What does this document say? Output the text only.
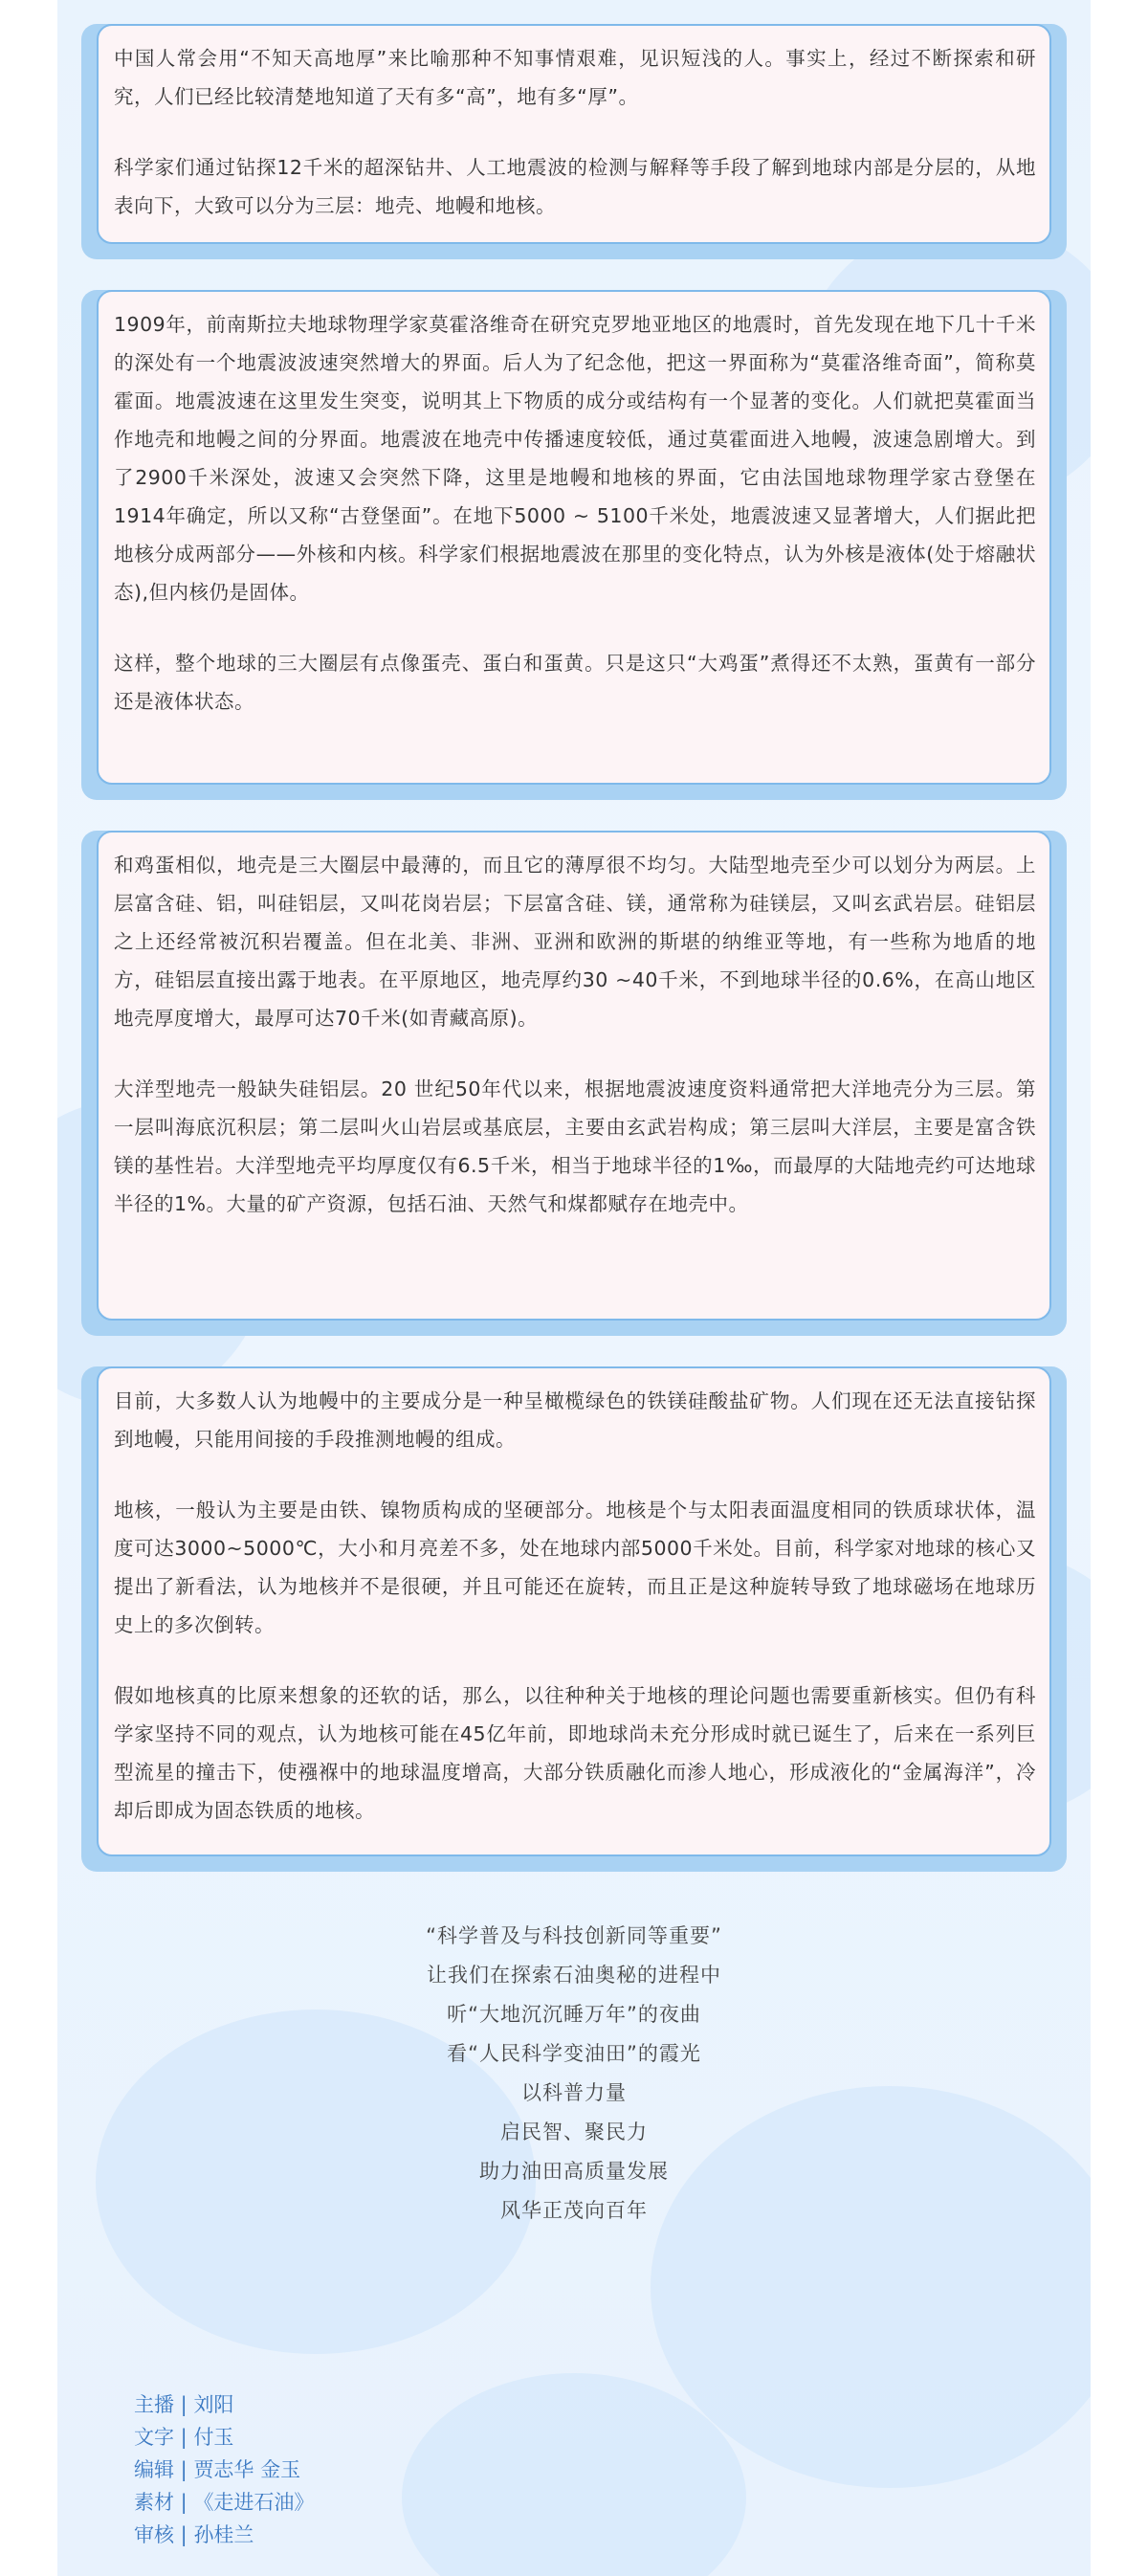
中国人常会用“不知天高地厚”来比喻那种不知事情艰难，见识短浅的人。事实上，经过不断探索和研究，人们已经比较清楚地知道了天有多“高”，地有多“厚”。

科学家们通过钻探12千米的超深钻井、人工地震波的检测与解释等手段了解到地球内部是分层的，从地表向下，大致可以分为三层：地壳、地幔和地核。

1909年，前南斯拉夫地球物理学家莫霍洛维奇在研究克罗地亚地区的地震时，首先发现在地下几十千米的深处有一个地震波波速突然增大的界面。后人为了纪念他，把这一界面称为“莫霍洛维奇面”，简称莫霍面。地震波速在这里发生突变，说明其上下物质的成分或结构有一个显著的变化。人们就把莫霍面当作地壳和地幔之间的分界面。地震波在地壳中传播速度较低，通过莫霍面进入地幔，波速急剧增大。到了2900千米深处，波速又会突然下降，这里是地幔和地核的界面，它由法国地球物理学家古登堡在1914年确定，所以又称“古登堡面”。在地下5000 ~ 5100千米处，地震波速又显著增大，人们据此把地核分成两部分——外核和内核。科学家们根据地震波在那里的变化特点，认为外核是液体(处于熔融状态),但内核仍是固体。

这样，整个地球的三大圈层有点像蛋壳、蛋白和蛋黄。只是这只“大鸡蛋”煮得还不太熟，蛋黄有一部分还是液体状态。

和鸡蛋相似，地壳是三大圈层中最薄的，而且它的薄厚很不均匀。大陆型地壳至少可以划分为两层。上层富含硅、铝，叫硅铝层，又叫花岗岩层；下层富含硅、镁，通常称为硅镁层，又叫玄武岩层。硅铝层之上还经常被沉积岩覆盖。但在北美、非洲、亚洲和欧洲的斯堪的纳维亚等地，有一些称为地盾的地方，硅铝层直接出露于地表。在平原地区，地壳厚约30 ~40千米，不到地球半径的0.6%，在高山地区地壳厚度增大，最厚可达70千米(如青藏高原)。

大洋型地壳一般缺失硅铝层。20 世纪50年代以来，根据地震波速度资料通常把大洋地壳分为三层。第一层叫海底沉积层；第二层叫火山岩层或基底层，主要由玄武岩构成；第三层叫大洋层，主要是富含铁镁的基性岩。大洋型地壳平均厚度仅有6.5千米，相当于地球半径的1‰，而最厚的大陆地壳约可达地球半径的1%。大量的矿产资源，包括石油、天然气和煤都赋存在地壳中。

目前，大多数人认为地幔中的主要成分是一种呈橄榄绿色的铁镁硅酸盐矿物。人们现在还无法直接钻探到地幔，只能用间接的手段推测地幔的组成。

地核，一般认为主要是由铁、镍物质构成的坚硬部分。地核是个与太阳表面温度相同的铁质球状体，温度可达3000~5000℃，大小和月亮差不多，处在地球内部5000千米处。目前，科学家对地球的核心又提出了新看法，认为地核并不是很硬，并且可能还在旋转，而且正是这种旋转导致了地球磁场在地球历史上的多次倒转。

假如地核真的比原来想象的还软的话，那么，以往种种关于地核的理论问题也需要重新核实。但仍有科学家坚持不同的观点，认为地核可能在45亿年前，即地球尚未充分形成时就已诞生了，后来在一系列巨型流星的撞击下，使襁褓中的地球温度增高，大部分铁质融化而渗人地心，形成液化的“金属海洋”，冷却后即成为固态铁质的地核。

“科学普及与科技创新同等重要”
让我们在探索石油奥秘的进程中
听“大地沉沉睡万年”的夜曲
看“人民科学变油田”的霞光
以科普力量
启民智、聚民力
助力油田高质量发展
风华正茂向百年
主播 | 刘阳
文字 | 付玉
编辑 | 贾志华 金玉
素材 | 《走进石油》
审核 | 孙桂兰
